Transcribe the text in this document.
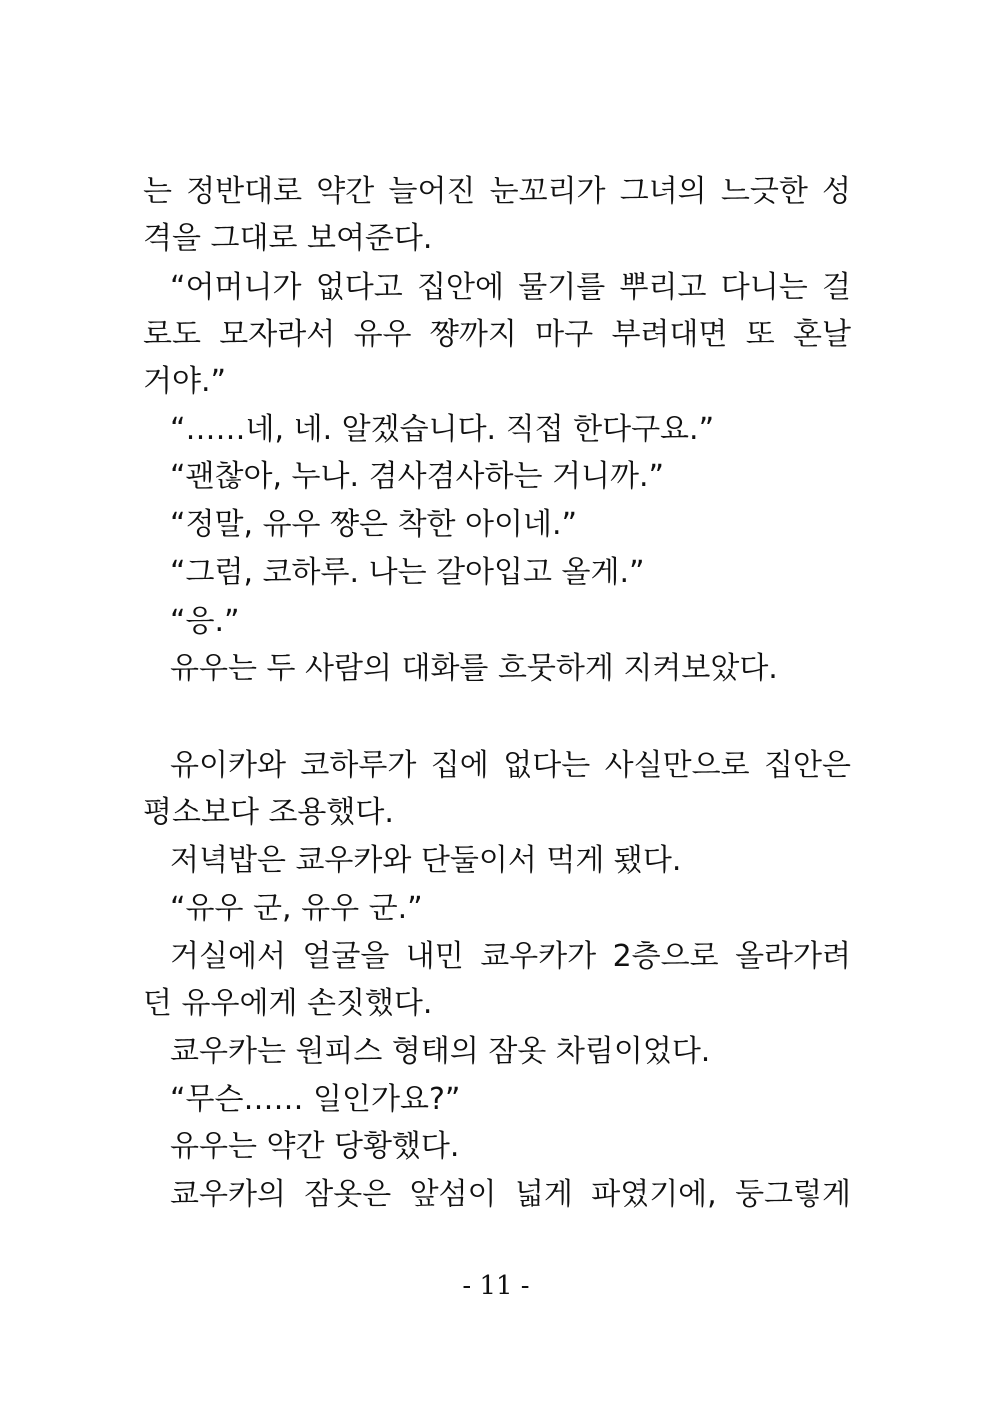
는 정반대로 약간 늘어진 눈꼬리가 그녀의 느긋한 성
격을 그대로 보여준다.
“어머니가 없다고 집안에 물기를 뿌리고 다니는 걸
로도 모자라서 유우 쨩까지 마구 부려대면 또 혼날
거야.”
“……네, 네. 알겠습니다. 직접 한다구요.”
“괜찮아, 누나. 겸사겸사하는 거니까.”
“정말, 유우 쨩은 착한 아이네.”
“그럼, 코하루. 나는 갈아입고 올게.”
“응.”
유우는 두 사람의 대화를 흐뭇하게 지켜보았다.
유이카와 코하루가 집에 없다는 사실만으로 집안은
평소보다 조용했다.
저녁밥은 쿄우카와 단둘이서 먹게 됐다.
“유우 군, 유우 군.”
거실에서 얼굴을 내민 쿄우카가 2층으로 올라가려
던 유우에게 손짓했다.
쿄우카는 원피스 형태의 잠옷 차림이었다.
“무슨…… 일인가요?”
유우는 약간 당황했다.
쿄우카의 잠옷은 앞섬이 넓게 파였기에, 둥그렇게
- 11 -
